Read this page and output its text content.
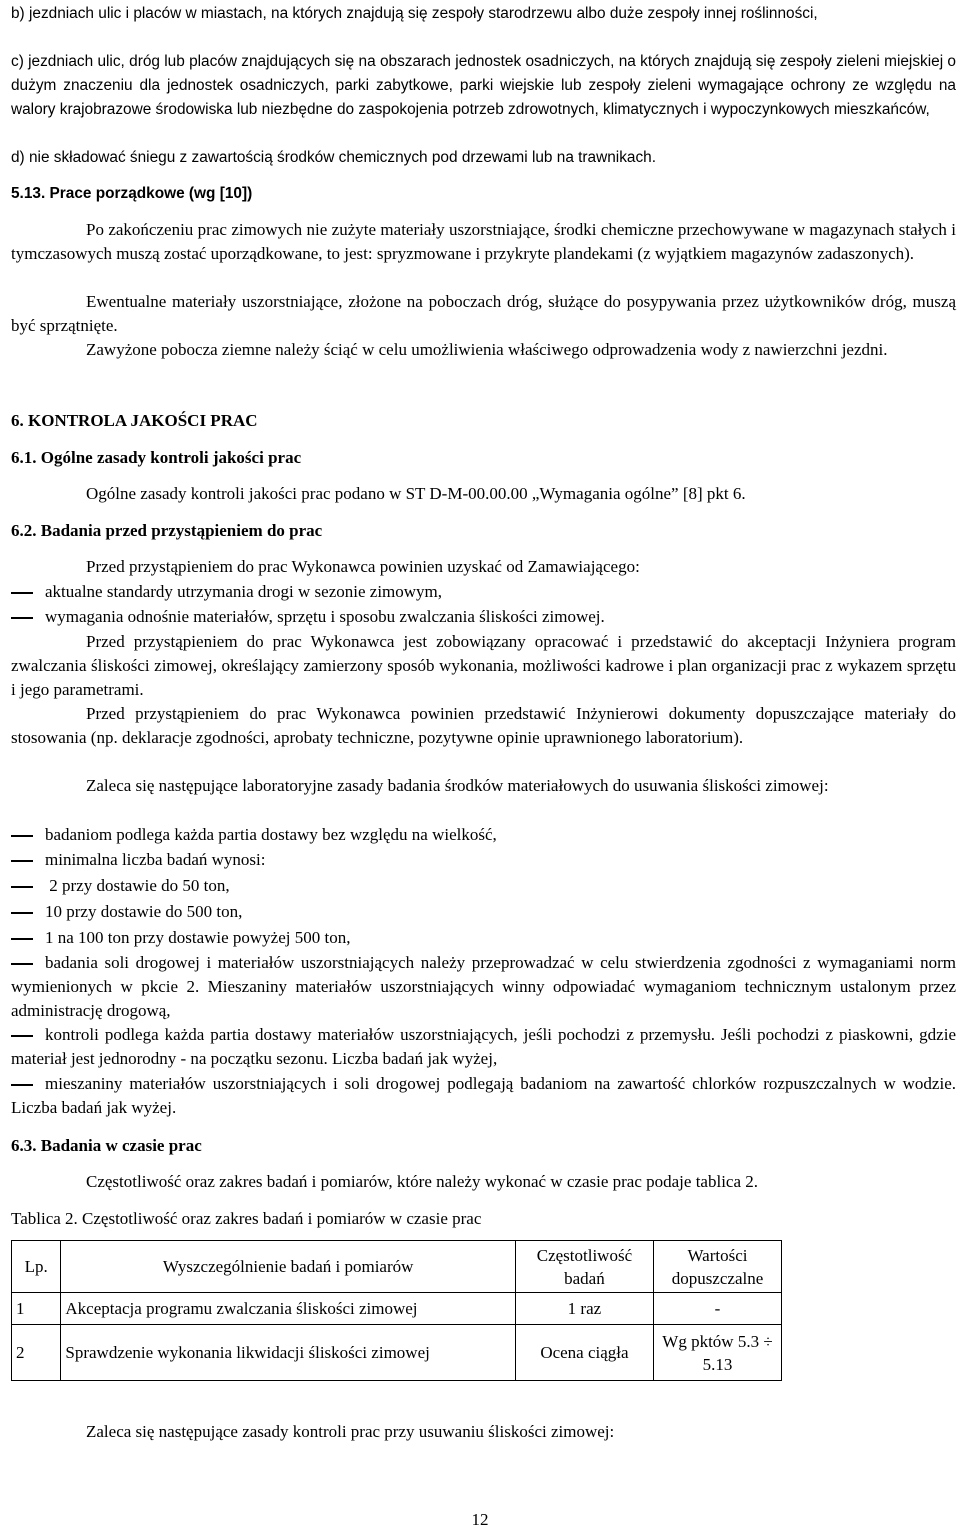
b) jezdniach ulic i placów w miastach, na których znajdują się zespoły starodrzewu albo duże zespoły innej roślinności,
c) jezdniach ulic, dróg lub placów znajdujących się na obszarach jednostek osadniczych, na których znajdują się zespoły zieleni miejskiej o dużym znaczeniu dla jednostek osadniczych, parki zabytkowe, parki wiejskie lub zespoły zieleni wymagające ochrony ze względu na walory krajobrazowe środowiska lub niezbędne do zaspokojenia potrzeb zdrowotnych, klimatycznych i wypoczynkowych mieszkańców,
d) nie składować śniegu z zawartością środków chemicznych pod drzewami lub na trawnikach.
5.13. Prace porządkowe (wg [10])
Po zakończeniu prac zimowych nie zużyte materiały uszorstniające, środki chemiczne przechowywane w magazynach stałych i tymczasowych muszą zostać uporządkowane, to jest: spryzmowane i przykryte plandekami (z wyjątkiem magazynów zadaszonych).
Ewentualne materiały uszorstniające, złożone na poboczach dróg, służące do posypywania przez użytkowników dróg, muszą być sprzątnięte.
Zawyżone pobocza ziemne należy ściąć w celu umożliwienia właściwego odprowadzenia wody z nawierzchni jezdni.
6. KONTROLA JAKOŚCI PRAC
6.1. Ogólne zasady kontroli jakości prac
Ogólne zasady kontroli jakości prac podano w ST D-M-00.00.00 „Wymagania ogólne” [8] pkt 6.
6.2. Badania przed przystąpieniem do prac
Przed przystąpieniem do prac Wykonawca powinien uzyskać od Zamawiającego:
aktualne standardy utrzymania drogi w sezonie zimowym,
wymagania odnośnie materiałów, sprzętu i sposobu zwalczania śliskości zimowej.
Przed przystąpieniem do prac Wykonawca jest zobowiązany opracować i przedstawić do akceptacji Inżyniera program zwalczania śliskości zimowej, określający zamierzony sposób wykonania, możliwości kadrowe i plan organizacji prac z wykazem sprzętu i jego parametrami.
Przed przystąpieniem do prac Wykonawca powinien przedstawić Inżynierowi dokumenty dopuszczające materiały do stosowania (np. deklaracje zgodności, aprobaty techniczne, pozytywne opinie uprawnionego laboratorium).
Zaleca się następujące laboratoryjne zasady badania środków materiałowych do usuwania śliskości zimowej:
badaniom podlega każda partia dostawy bez względu na wielkość,
minimalna liczba badań wynosi:
2 przy dostawie do 50 ton,
10 przy dostawie do 500 ton,
1 na 100 ton przy dostawie powyżej 500 ton,
badania soli drogowej i materiałów uszorstniających należy przeprowadzać w celu stwierdzenia zgodności z wymaganiami norm wymienionych w pkcie 2. Mieszaniny materiałów uszorstniających winny odpowiadać wymaganiom technicznym ustalonym przez administrację drogową,
kontroli podlega każda partia dostawy materiałów uszorstniających, jeśli pochodzi z przemysłu. Jeśli pochodzi z piaskowni, gdzie materiał jest jednorodny - na początku sezonu. Liczba badań jak wyżej,
mieszaniny materiałów uszorstniających i soli drogowej podlegają badaniom na zawartość chlorków rozpuszczalnych w wodzie. Liczba badań jak wyżej.
6.3. Badania w czasie prac
Częstotliwość oraz zakres badań i pomiarów, które należy wykonać w czasie prac podaje tablica 2.
Tablica 2. Częstotliwość oraz zakres badań i pomiarów w czasie prac
Lp.	Wyszczególnienie badań i pomiarów	Częstotliwość badań	Wartości dopuszczalne
1	Akceptacja programu zwalczania śliskości zimowej	1 raz	-
2	Sprawdzenie wykonania likwidacji śliskości zimowej	Ocena ciągła	Wg pktów 5.3 ÷ 5.13
Zaleca się następujące zasady kontroli prac przy usuwaniu śliskości zimowej:
12
